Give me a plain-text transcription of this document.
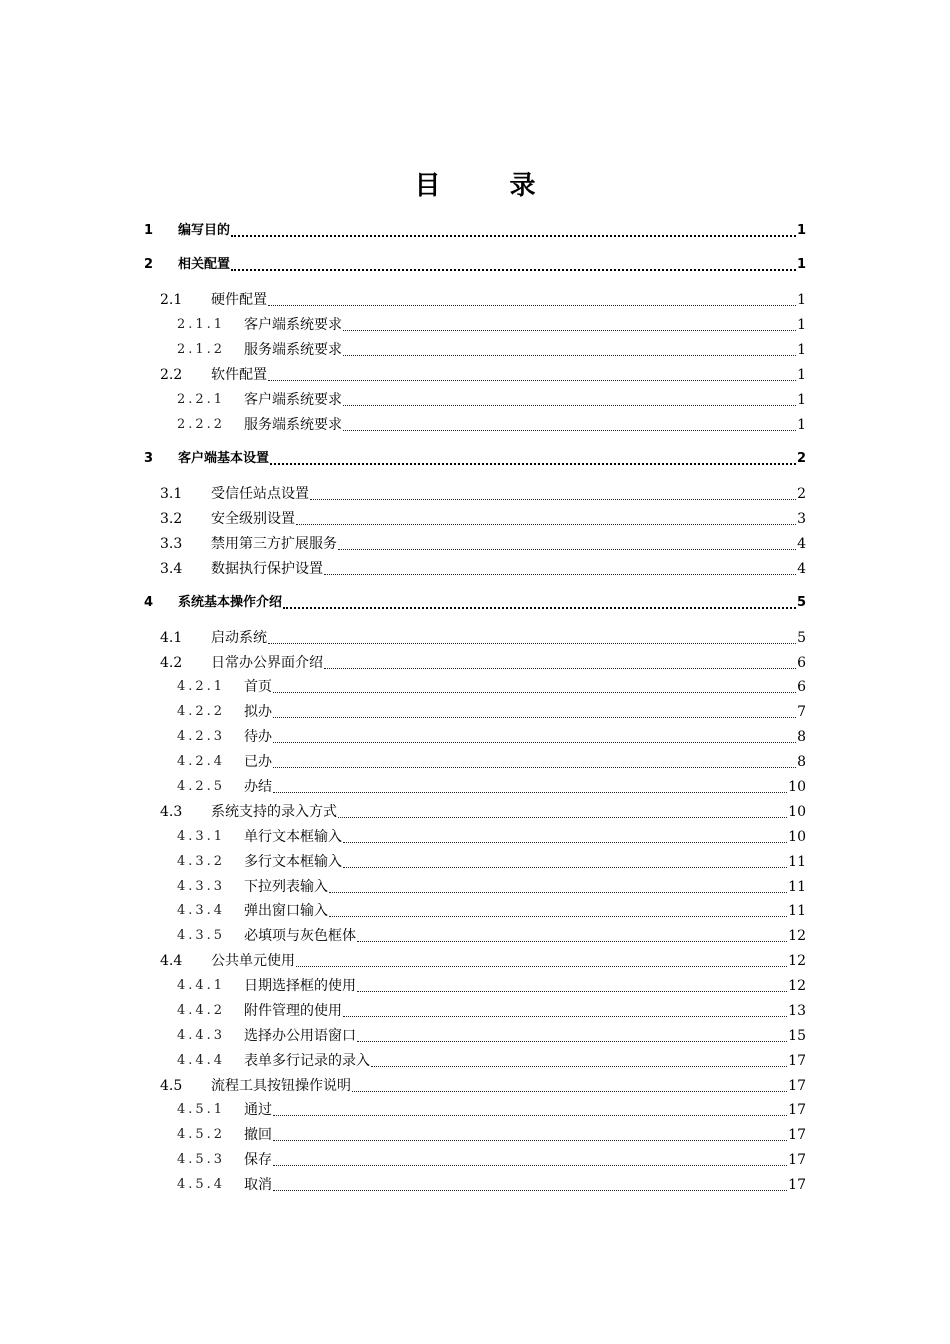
目 录
1 编写目的	1
2 相关配置	1
2.1 硬件配置	1
2.1.1 客户端系统要求	1
2.1.2 服务端系统要求	1
2.2 软件配置	1
2.2.1 客户端系统要求	1
2.2.2 服务端系统要求	1
3 客户端基本设置	2
3.1 受信任站点设置	2
3.2 安全级别设置	3
3.3 禁用第三方扩展服务	4
3.4 数据执行保护设置	4
4 系统基本操作介绍	5
4.1 启动系统	5
4.2 日常办公界面介绍	6
4.2.1 首页	6
4.2.2 拟办	7
4.2.3 待办	8
4.2.4 已办	8
4.2.5 办结	10
4.3 系统支持的录入方式	10
4.3.1 单行文本框输入	10
4.3.2 多行文本框输入	11
4.3.3 下拉列表输入	11
4.3.4 弹出窗口输入	11
4.3.5 必填项与灰色框体	12
4.4 公共单元使用	12
4.4.1 日期选择框的使用	12
4.4.2 附件管理的使用	13
4.4.3 选择办公用语窗口	15
4.4.4 表单多行记录的录入	17
4.5 流程工具按钮操作说明	17
4.5.1 通过	17
4.5.2 撤回	17
4.5.3 保存	17
4.5.4 取消	17
